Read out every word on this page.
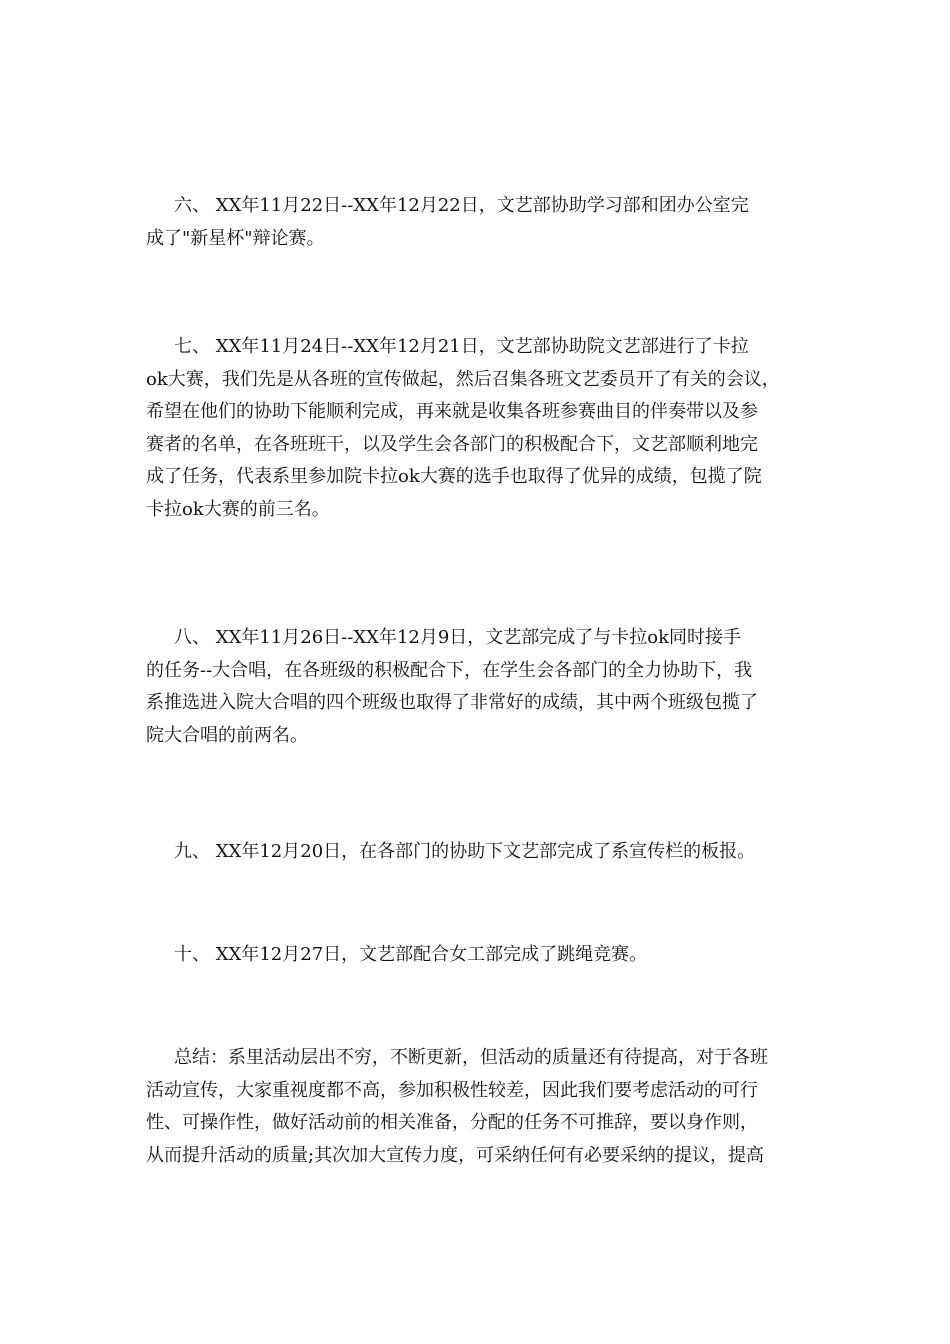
六、 XX年11月22日--XX年12月22日，文艺部协助学习部和团办公室完
成了"新星杯"辩论赛。
七、 XX年11月24日--XX年12月21日，文艺部协助院文艺部进行了卡拉
ok大赛，我们先是从各班的宣传做起，然后召集各班文艺委员开了有关的会议，
希望在他们的协助下能顺利完成，再来就是收集各班参赛曲目的伴奏带以及参
赛者的名单，在各班班干，以及学生会各部门的积极配合下，文艺部顺利地完
成了任务，代表系里参加院卡拉ok大赛的选手也取得了优异的成绩，包揽了院
卡拉ok大赛的前三名。
八、 XX年11月26日--XX年12月9日，文艺部完成了与卡拉ok同时接手
的任务--大合唱，在各班级的积极配合下，在学生会各部门的全力协助下，我
系推选进入院大合唱的四个班级也取得了非常好的成绩，其中两个班级包揽了
院大合唱的前两名。
九、 XX年12月20日，在各部门的协助下文艺部完成了系宣传栏的板报。
十、 XX年12月27日，文艺部配合女工部完成了跳绳竞赛。
总结：系里活动层出不穷，不断更新，但活动的质量还有待提高，对于各班
活动宣传，大家重视度都不高，参加积极性较差，因此我们要考虑活动的可行
性、可操作性，做好活动前的相关准备，分配的任务不可推辞，要以身作则，
从而提升活动的质量;其次加大宣传力度，可采纳任何有必要采纳的提议，提高
